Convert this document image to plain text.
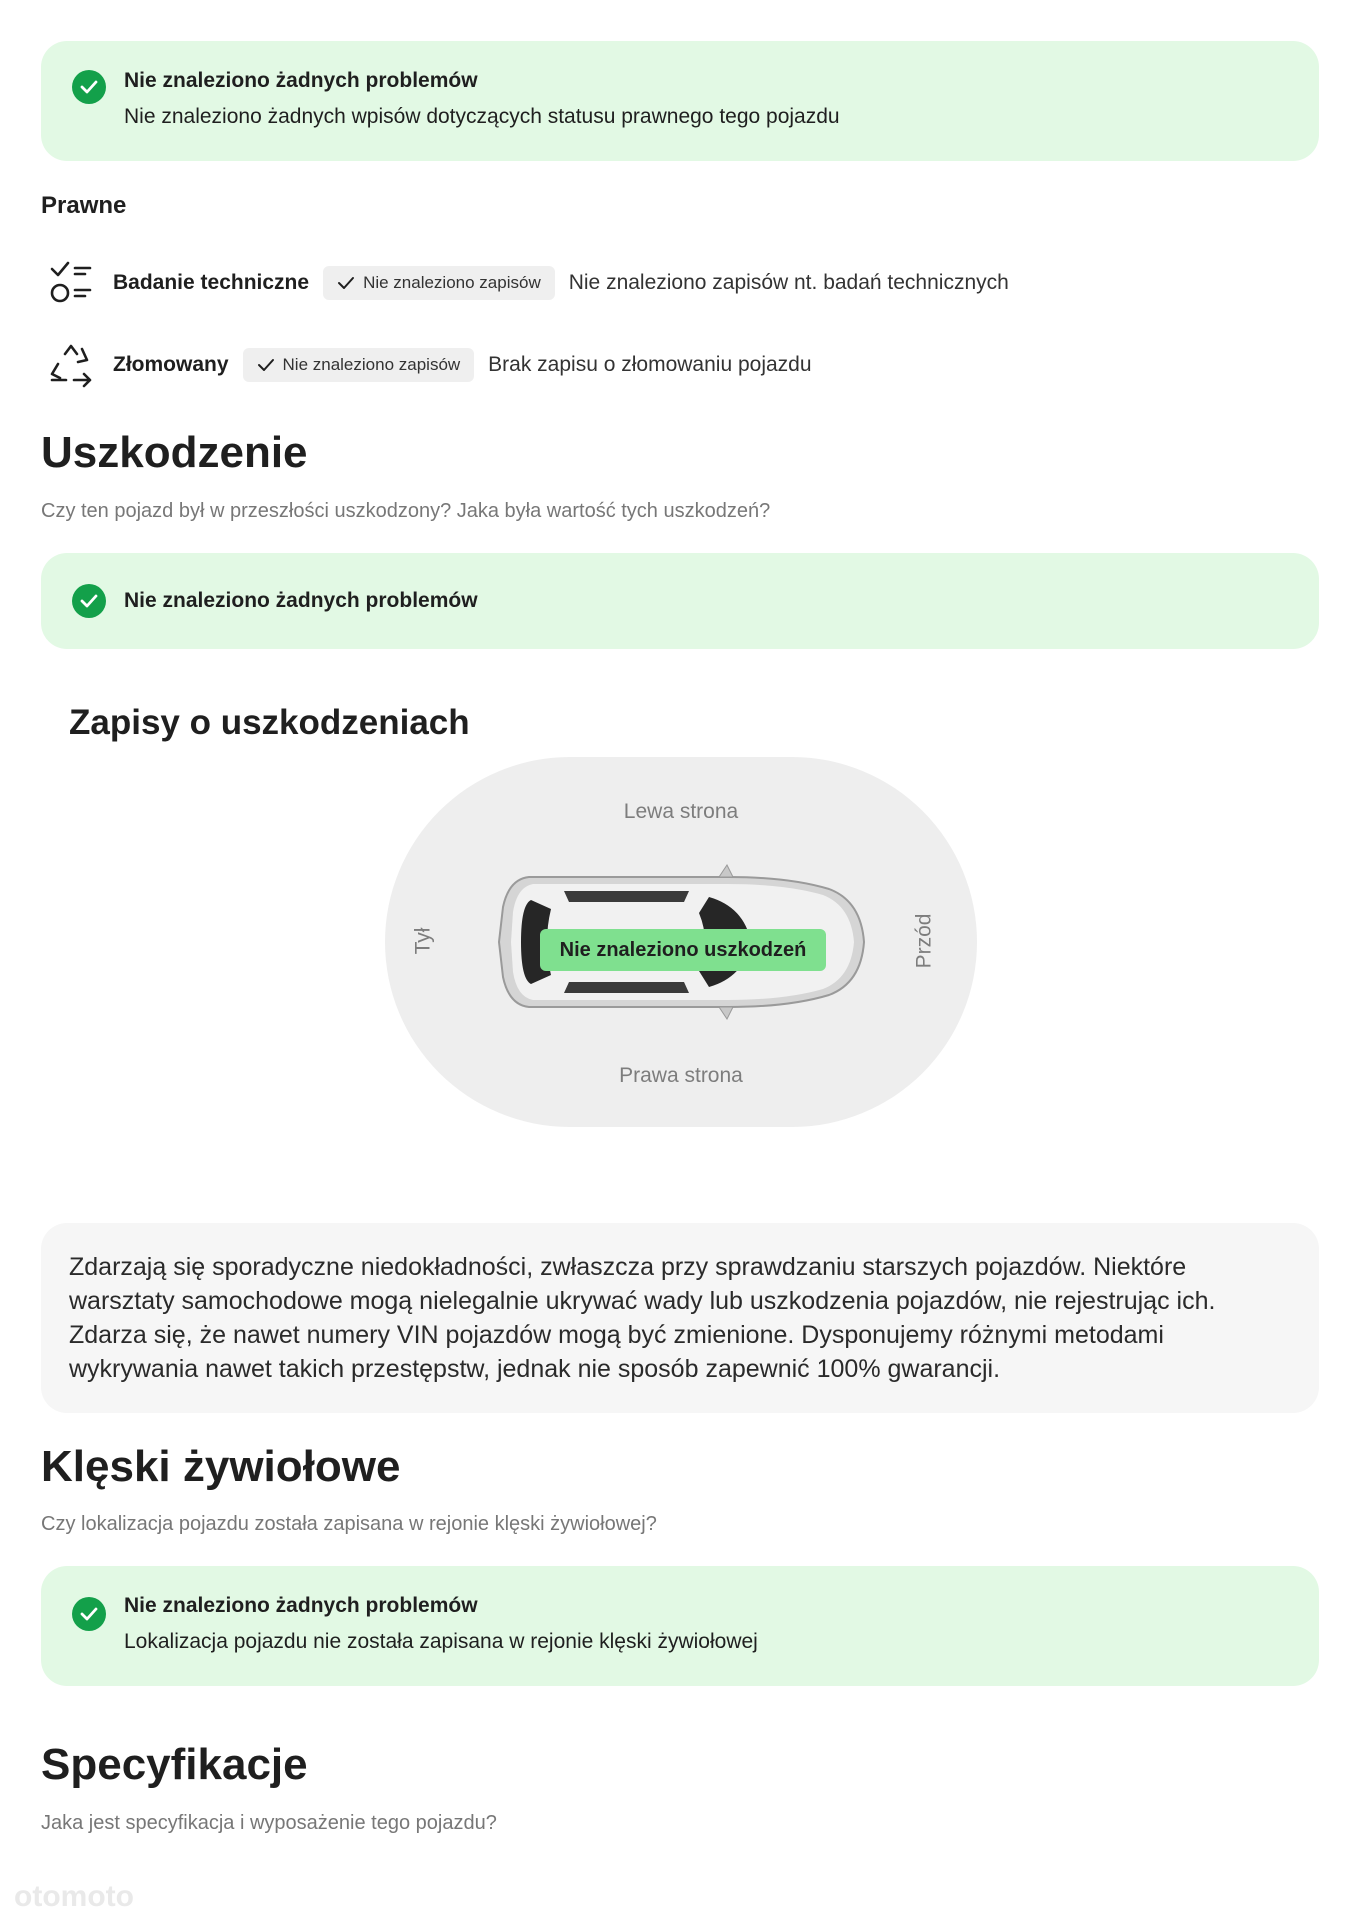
Nie znaleziono żadnych problemów
Nie znaleziono żadnych wpisów dotyczących statusu prawnego tego pojazdu
Prawne
Badanie techniczne	Nie znaleziono zapisów Nie znaleziono zapisów nt. badań technicznych
Złomowany	Nie znaleziono zapisów Brak zapisu o złomowaniu pojazdu
Uszkodzenie
Czy ten pojazd był w przeszłości uszkodzony? Jaka była wartość tych uszkodzeń?
Nie znaleziono żadnych problemów
Zapisy o uszkodzeniach
Lewa strona
Prawa strona
Tył	Przód
Nie znaleziono uszkodzeń
Zdarzają się sporadyczne niedokładności, zwłaszcza przy sprawdzaniu starszych pojazdów. Niektóre warsztaty samochodowe mogą nielegalnie ukrywać wady lub uszkodzenia pojazdów, nie rejestrując ich. Zdarza się, że nawet numery VIN pojazdów mogą być zmienione. Dysponujemy różnymi metodami wykrywania nawet takich przestępstw, jednak nie sposób zapewnić 100% gwarancji.
Klęski żywiołowe
Czy lokalizacja pojazdu została zapisana w rejonie klęski żywiołowej?
Nie znaleziono żadnych problemów
Lokalizacja pojazdu nie została zapisana w rejonie klęski żywiołowej
Specyfikacje
Jaka jest specyfikacja i wyposażenie tego pojazdu?
otomoto
